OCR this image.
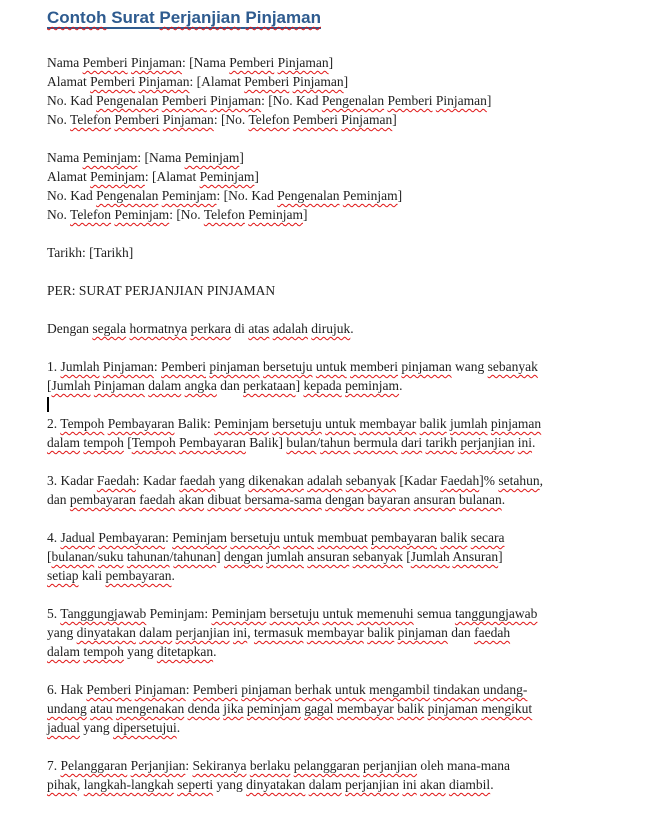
Contoh Surat Perjanjian Pinjaman
Nama Pemberi Pinjaman: [Nama Pemberi Pinjaman]
Alamat Pemberi Pinjaman: [Alamat Pemberi Pinjaman]
No. Kad Pengenalan Pemberi Pinjaman: [No. Kad Pengenalan Pemberi Pinjaman]
No. Telefon Pemberi Pinjaman: [No. Telefon Pemberi Pinjaman]
Nama Peminjam: [Nama Peminjam]
Alamat Peminjam: [Alamat Peminjam]
No. Kad Pengenalan Peminjam: [No. Kad Pengenalan Peminjam]
No. Telefon Peminjam: [No. Telefon Peminjam]
Tarikh: [Tarikh]
PER: SURAT PERJANJIAN PINJAMAN
Dengan segala hormatnya perkara di atas adalah dirujuk.
1. Jumlah Pinjaman: Pemberi pinjaman bersetuju untuk memberi pinjaman wang sebanyak
[Jumlah Pinjaman dalam angka dan perkataan] kepada peminjam.
2. Tempoh Pembayaran Balik: Peminjam bersetuju untuk membayar balik jumlah pinjaman
dalam tempoh [Tempoh Pembayaran Balik] bulan/tahun bermula dari tarikh perjanjian ini.
3. Kadar Faedah: Kadar faedah yang dikenakan adalah sebanyak [Kadar Faedah]% setahun,
dan pembayaran faedah akan dibuat bersama-sama dengan bayaran ansuran bulanan.
4. Jadual Pembayaran: Peminjam bersetuju untuk membuat pembayaran balik secara
[bulanan/suku tahunan/tahunan] dengan jumlah ansuran sebanyak [Jumlah Ansuran]
setiap kali pembayaran.
5. Tanggungjawab Peminjam: Peminjam bersetuju untuk memenuhi semua tanggungjawab
yang dinyatakan dalam perjanjian ini, termasuk membayar balik pinjaman dan faedah
dalam tempoh yang ditetapkan.
6. Hak Pemberi Pinjaman: Pemberi pinjaman berhak untuk mengambil tindakan undang-
undang atau mengenakan denda jika peminjam gagal membayar balik pinjaman mengikut
jadual yang dipersetujui.
7. Pelanggaran Perjanjian: Sekiranya berlaku pelanggaran perjanjian oleh mana-mana
pihak, langkah-langkah seperti yang dinyatakan dalam perjanjian ini akan diambil.
